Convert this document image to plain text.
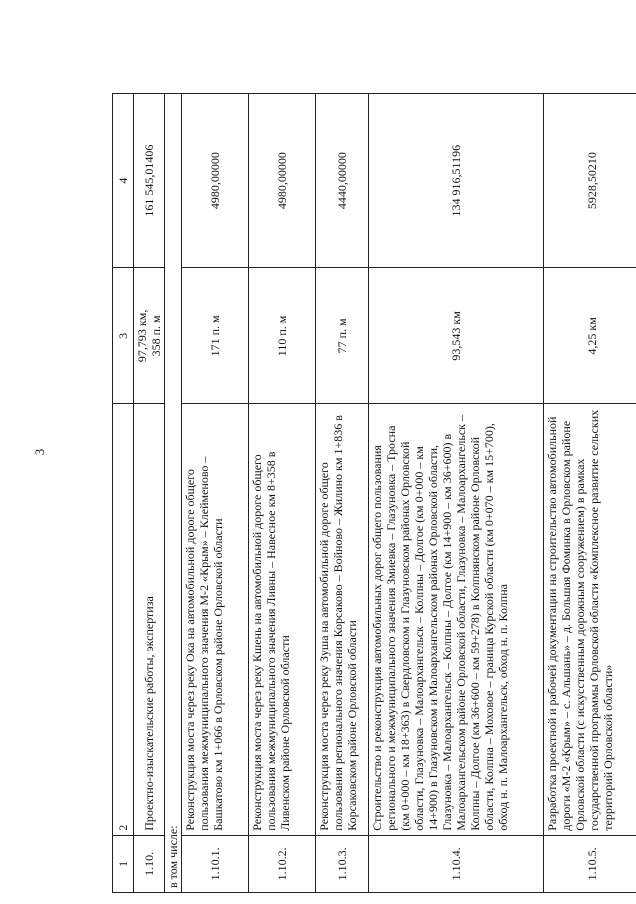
3
1	2	3	4
1.10.	Проектно-изыскательские работы, экспертиза	97,793 км, 358 п. м	161 545,01406
в том числе:			
1.10.1.	Реконструкция моста через реку Ока на автомобильной дороге общего пользования межмуниципального значения М-2 «Крым» – Клейменово – Башкатово км 1+066 в Орловском районе Орловской области	171 п. м	4980,00000
1.10.2.	Реконструкция моста через реку Кшень на автомобильной дороге общего пользования межмуниципального значения Ливны – Навесное км 8+358 в Ливенском районе Орловской области	110 п. м	4980,00000
1.10.3.	Реконструкция моста через реку Зуша на автомобильной дороге общего пользования регионального значения Корсаково – Войново – Жилино км 1+836 в Корсаковском районе Орловской области	77 п. м	4440,00000
1.10.4.	Строительство и реконструкция автомобильных дорог общего пользования регионального и межмуниципального значения Змиевка – Глазуновка – Тросна (км 0+000 – км 18+363) в Свердловском и Глазуновском районах Орловской области, Глазуновка – Малоархангельск – Колпны – Долгое (км 0+000 – км 14+900) в Глазуновском и Малоархангельском районах Орловской области, Глазуновка – Малоархангельск – Колпны – Долгое (км 14+900 – км 36+600) в Малоархангельском районе Орловской области, Глазуновка – Малоархангельск – Колпны – Долгое (км 36+600 – км 59+278) в Колпнянском районе Орловской области, Колпна – Моховое – граница Курской области (км 0+070 – км 15+700), обход н. п. Малоархангельск, обход н. п. Колпна	93,543 км	134 916,51196
1.10.5.	Разработка проектной и рабочей документации на строительство автомобильной дороги «М-2 «Крым» – с. Альшань» – д. Большая Фоминка в Орловском районе Орловской области (с искусственным дорожным сооружением) в рамках государственной программы Орловской области «Комплексное развитие сельских территорий Орловской области»	4,25 км	5928,50210
